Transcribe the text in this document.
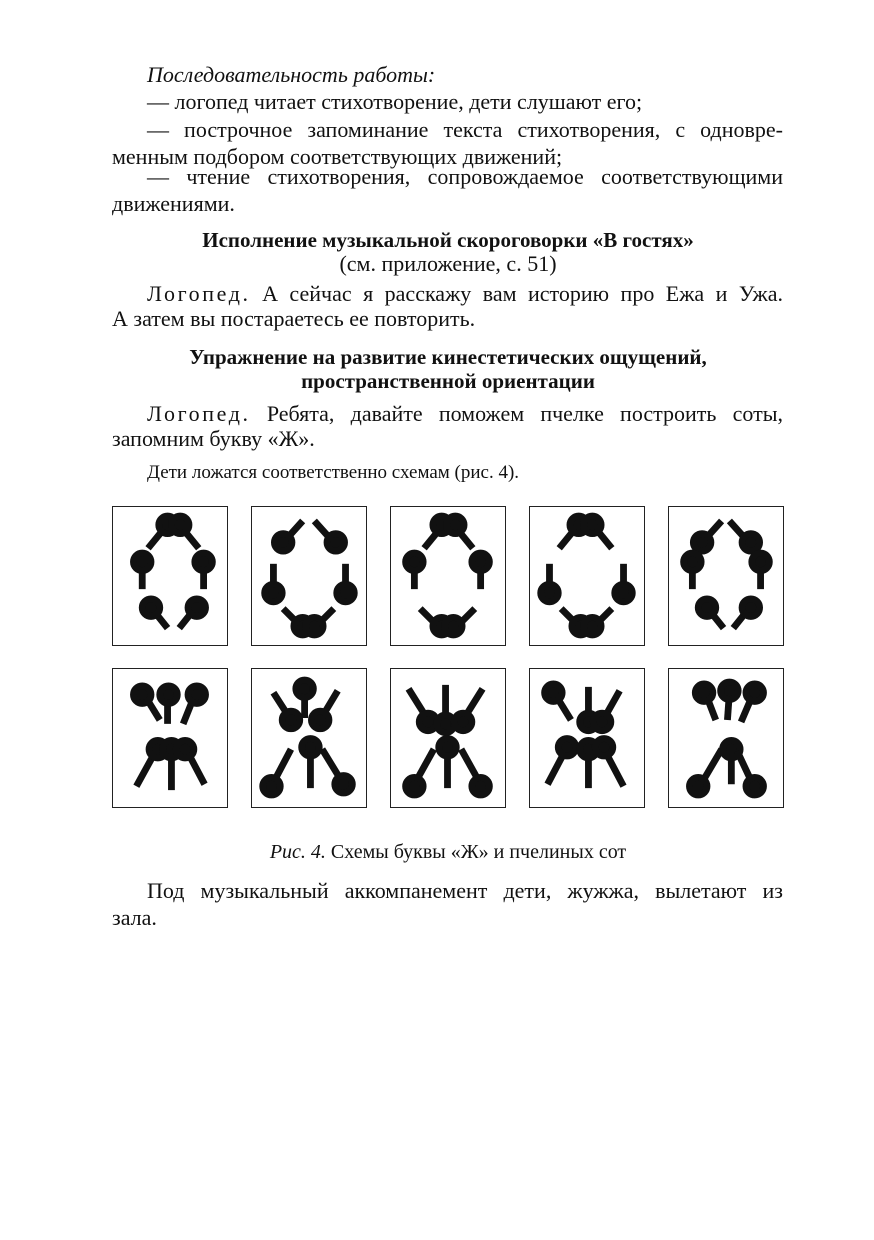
Последовательность работы:

— логопед читает стихотворение, дети слушают его;

— построчное запоминание текста стихотворения, с одновре-

менным подбором соответствующих движений;

— чтение стихотворения, сопровождаемое соответствующими

движениями.

Исполнение музыкальной скороговорки «В гостях»
(см. приложение, с. 51)

Логопед. А сейчас я расскажу вам историю про Ежа и Ужа.

А затем вы постараетесь ее повторить.

Упражнение на развитие кинестетических ощущений,
пространственной ориентации

Логопед. Ребята, давайте поможем пчелке построить соты,

запомним букву «Ж».

Дети ложатся соответственно схемам (рис. 4).

Рис. 4. Схемы буквы «Ж» и пчелиных сот

Под музыкальный аккомпанемент дети, жужжа, вылетают из

зала.
